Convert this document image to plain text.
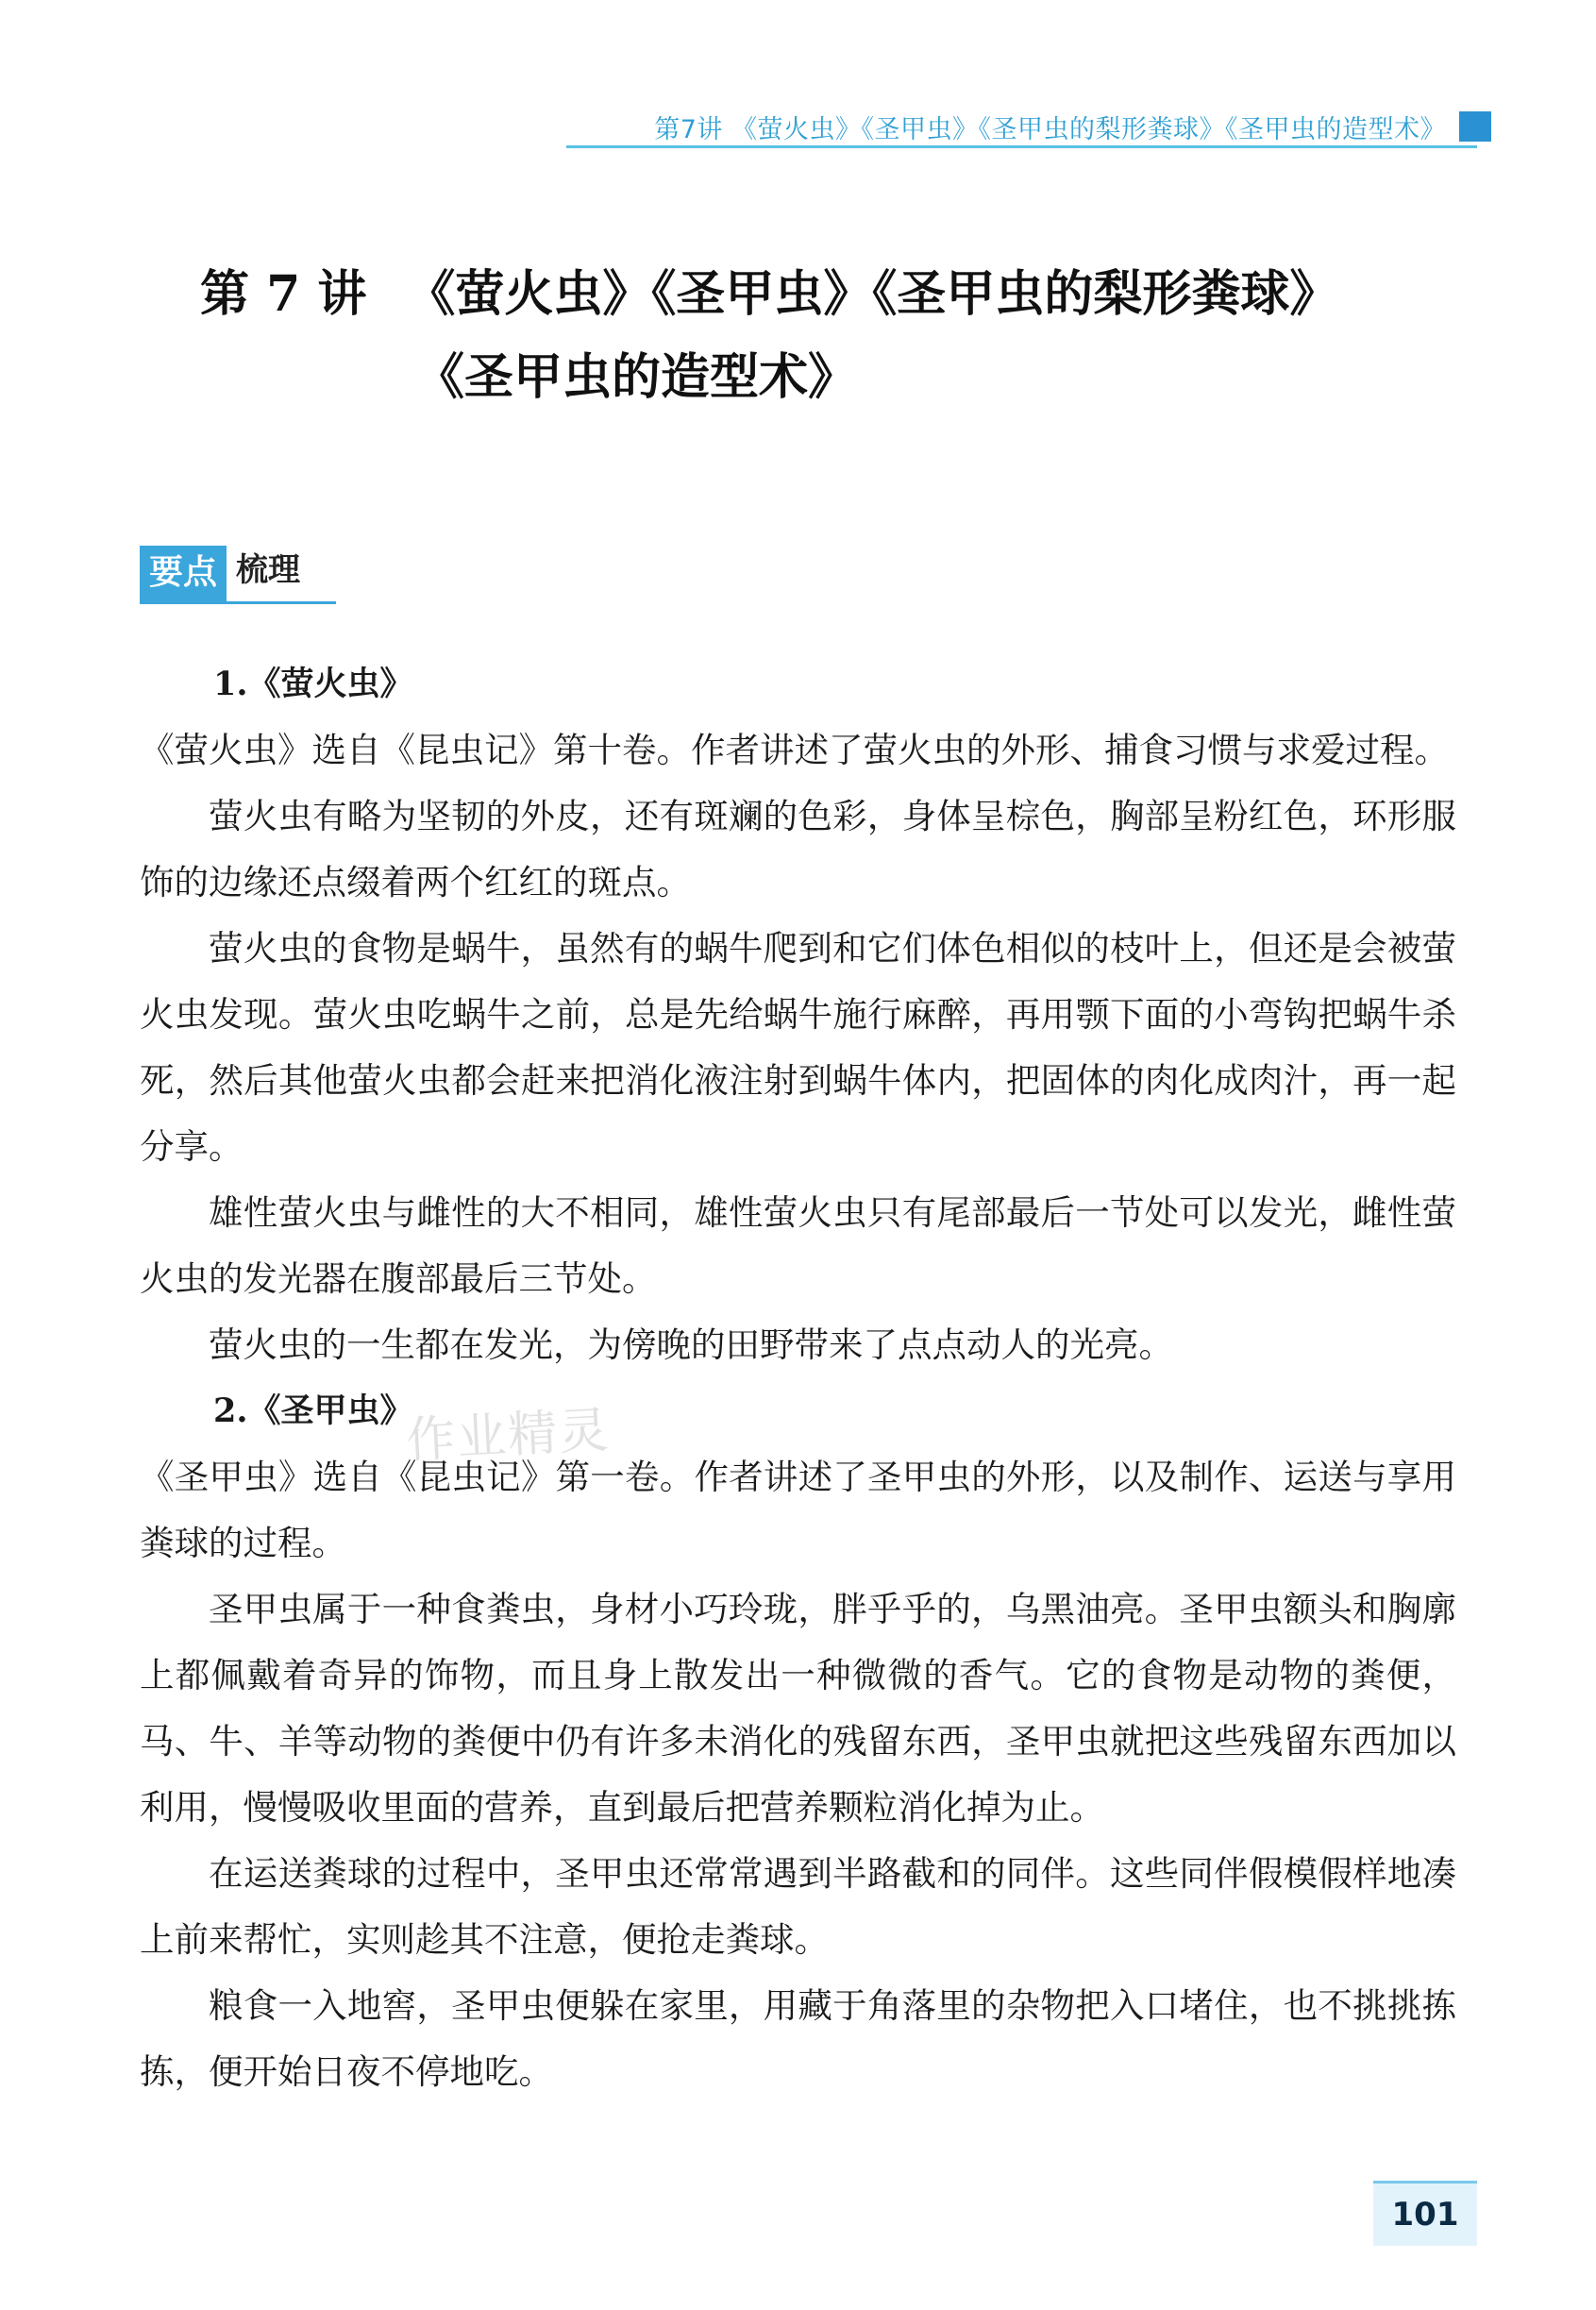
第7讲 《萤火虫》《圣甲虫》《圣甲虫的梨形粪球》《圣甲虫的造型术》
第 7 讲 《萤火虫》《圣甲虫》《圣甲虫的梨形粪球》
《圣甲虫的造型术》
要点 梳理
1.《萤火虫》

《萤火虫》选自《昆虫记》第十卷。作者讲述了萤火虫的外形、捕食习惯与求爱过程。

萤火虫有略为坚韧的外皮，还有斑斓的色彩，身体呈棕色，胸部呈粉红色，环形服饰的边缘还点缀着两个红红的斑点。

萤火虫的食物是蜗牛，虽然有的蜗牛爬到和它们体色相似的枝叶上，但还是会被萤火虫发现。萤火虫吃蜗牛之前，总是先给蜗牛施行麻醉，再用颚下面的小弯钩把蜗牛杀死，然后其他萤火虫都会赶来把消化液注射到蜗牛体内，把固体的肉化成肉汁，再一起分享。

雄性萤火虫与雌性的大不相同，雄性萤火虫只有尾部最后一节处可以发光，雌性萤火虫的发光器在腹部最后三节处。

萤火虫的一生都在发光，为傍晚的田野带来了点点动人的光亮。

2.《圣甲虫》

《圣甲虫》选自《昆虫记》第一卷。作者讲述了圣甲虫的外形，以及制作、运送与享用粪球的过程。

圣甲虫属于一种食粪虫，身材小巧玲珑，胖乎乎的，乌黑油亮。圣甲虫额头和胸廓上都佩戴着奇异的饰物，而且身上散发出一种微微的香气。它的食物是动物的粪便，马、牛、羊等动物的粪便中仍有许多未消化的残留东西，圣甲虫就把这些残留东西加以利用，慢慢吸收里面的营养，直到最后把营养颗粒消化掉为止。

在运送粪球的过程中，圣甲虫还常常遇到半路截和的同伴。这些同伴假模假样地凑上前来帮忙，实则趁其不注意，便抢走粪球。

粮食一入地窖，圣甲虫便躲在家里，用藏于角落里的杂物把入口堵住，也不挑挑拣拣，便开始日夜不停地吃。

作业精灵
101
